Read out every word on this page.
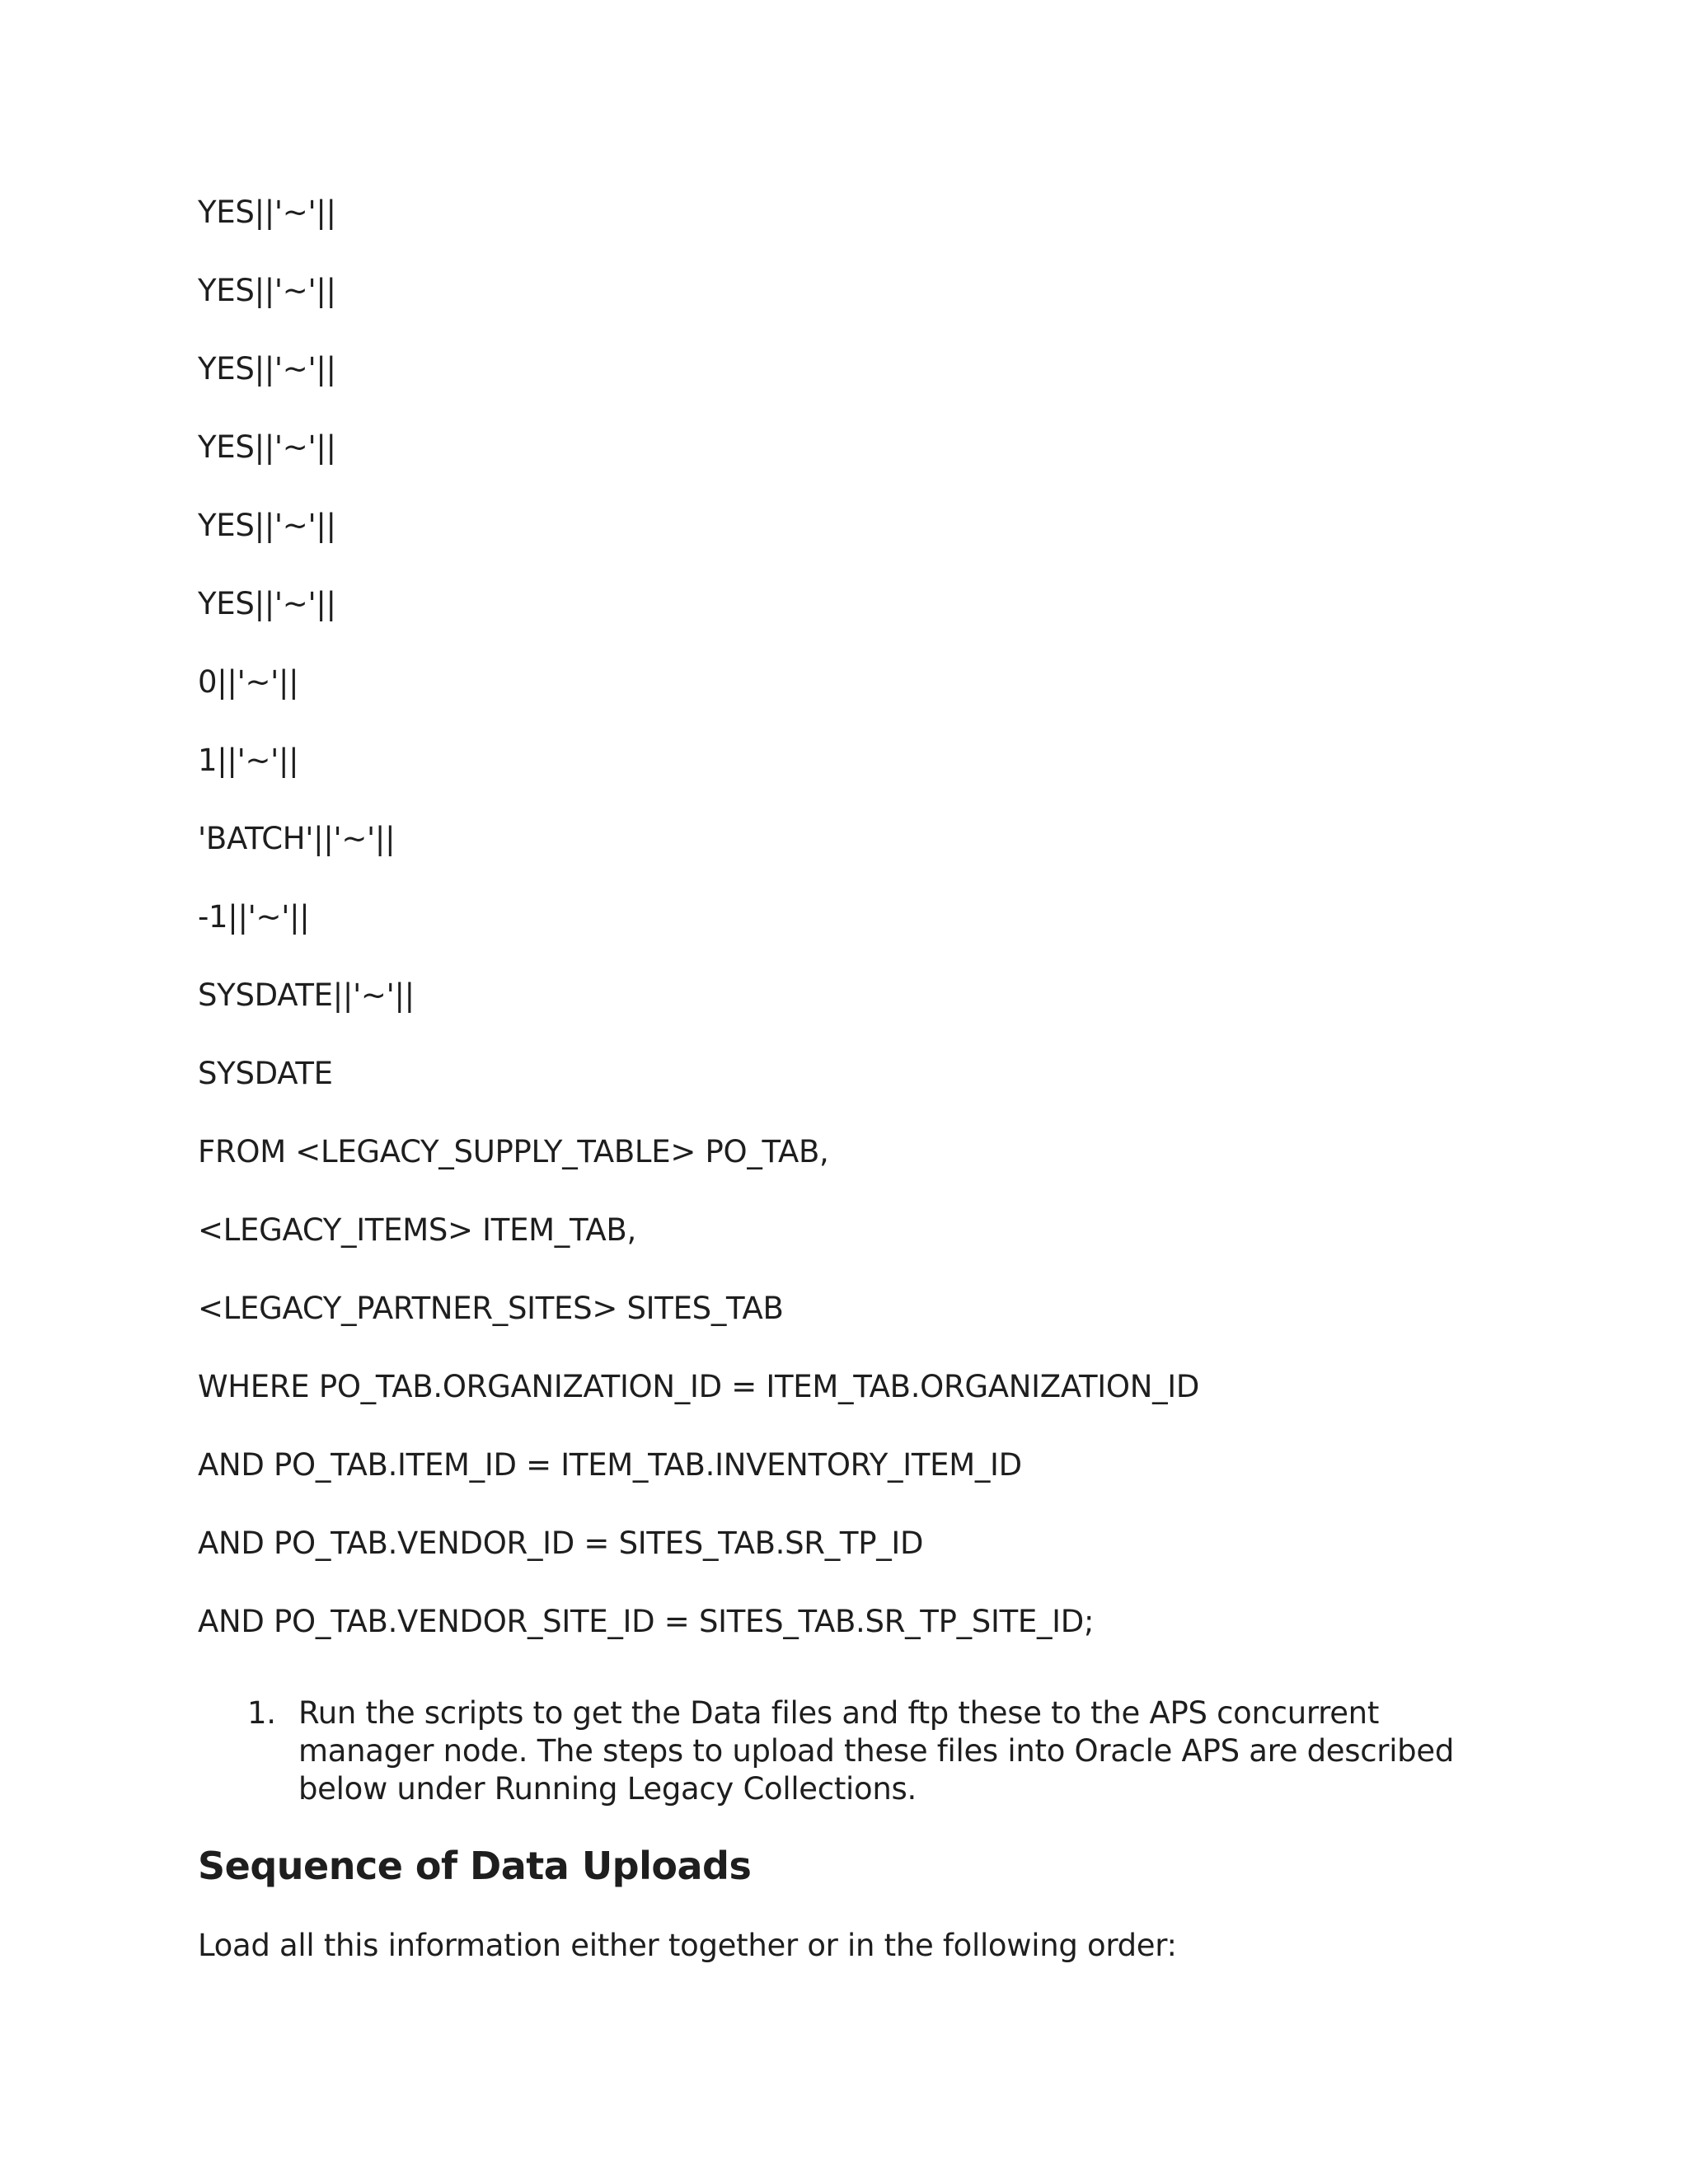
YES||'~'||
YES||'~'||
YES||'~'||
YES||'~'||
YES||'~'||
YES||'~'||
0||'~'||
1||'~'||
'BATCH'||'~'||
-1||'~'||
SYSDATE||'~'||
SYSDATE
FROM <LEGACY_SUPPLY_TABLE> PO_TAB,
<LEGACY_ITEMS> ITEM_TAB,
<LEGACY_PARTNER_SITES> SITES_TAB
WHERE PO_TAB.ORGANIZATION_ID = ITEM_TAB.ORGANIZATION_ID
AND PO_TAB.ITEM_ID = ITEM_TAB.INVENTORY_ITEM_ID
AND PO_TAB.VENDOR_ID = SITES_TAB.SR_TP_ID
AND PO_TAB.VENDOR_SITE_ID = SITES_TAB.SR_TP_SITE_ID;
1. Run the scripts to get the Data files and ftp these to the APS concurrent manager node. The steps to upload these files into Oracle APS are described below under Running Legacy Collections.
Sequence of Data Uploads

Load all this information either together or in the following order:
